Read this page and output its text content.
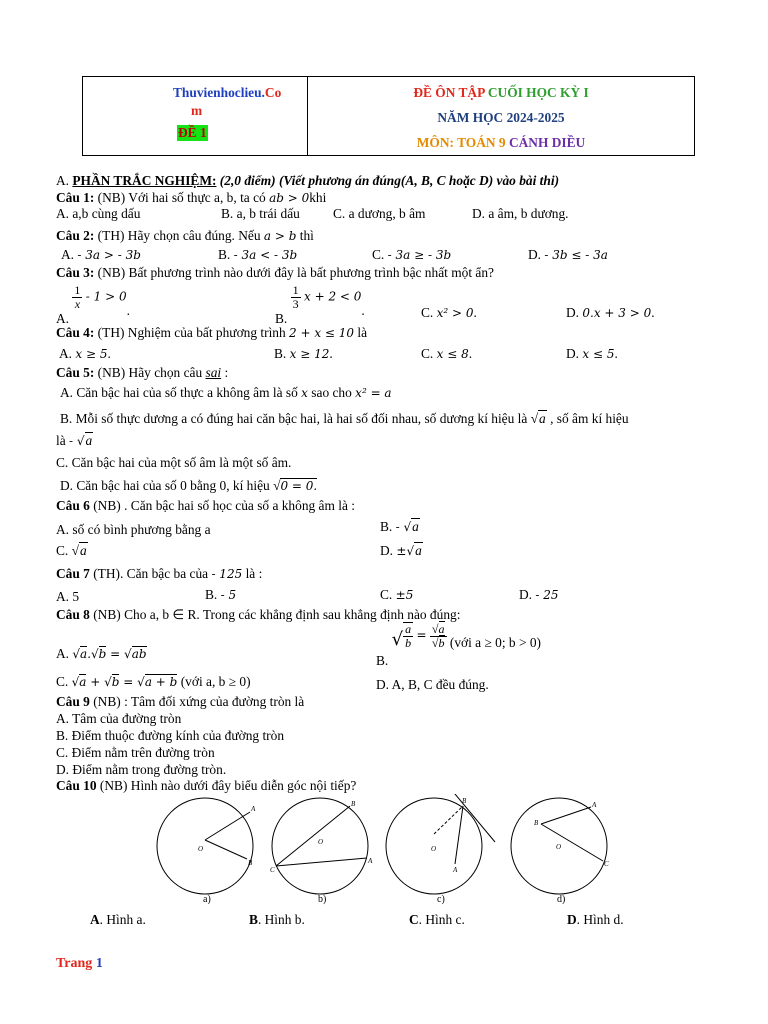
Thuvienhoclieu.Co
m
ĐỀ 1
ĐỀ ÔN TẬP CUỐI HỌC KỲ I
NĂM HỌC 2024-2025
MÔN: TOÁN 9 CÁNH DIỀU
A. PHẦN TRẮC NGHIỆM: (2,0 điểm) (Viết phương án đúng(A, B, C hoặc D) vào bài thi)
Câu 1: (NB) Với hai số thực a, b, ta có ab > 0khi
A. a,b cùng dấu	B. a, b trái dấu C. a dương, b âm	D. a âm, b dương.
Câu 2: (TH) Hãy chọn câu đúng. Nếu a > b thì
A. - 3a > - 3b	B. - 3a < - 3b	C. - 3a ≥ - 3b	D. - 3b ≤ - 3a
Câu 3: (NB) Bất phương trình nào dưới đây là bất phương trình bậc nhất một ẩn?
A.
$\frac{1}{x} - 1 > 0$.
B.
$\frac{1}{3}$ x + 2 < 0.	C. x² > 0.	D. 0.x + 3 > 0.
Câu 4: (TH) Nghiệm của bất phương trình 2 + x ≤ 10 là
A. x ≥ 5.	B. x ≥ 12.	C. x ≤ 8.	D. x ≤ 5.
Câu 5: (NB) Hãy chọn câu sai :
A. Căn bậc hai của số thực a không âm là số x sao cho x² = a
B. Mỗi số thực dương a có đúng hai căn bậc hai, là hai số đối nhau, số dương kí hiệu là √a , số âm kí hiệu
là - √a
C. Căn bậc hai của một số âm là một số âm.
D. Căn bậc hai của số 0 bằng 0, kí hiệu √0 = 0.
Câu 6 (NB) . Căn bậc hai số học của số a không âm là :
A. số có bình phương bằng a	B. - √a
C. √a	D. ±√a
Câu 7 (TH). Căn bậc ba của - 125 là :
A. 5	B. - 5	C. ±5	D. - 25
Câu 8 (NB) Cho a, b ∈ R. Trong các khẳng định sau khẳng định nào đúng:
A. √a.√b = √ab	B. √ $\frac{a}{b} = \frac{√a}{√b}$ (với a ≥ 0; b > 0)
C. √a + √b = √a + b (với a, b ≥ 0)	D. A, B, C đều đúng.
Câu 9 (NB) : Tâm đối xứng của đường tròn là
A. Tâm của đường tròn
B. Điểm thuộc đường kính của đường tròn
C. Điểm nằm trên đường tròn
D. Điểm nằm trong đường tròn.
Câu 10 (NB) Hình nào dưới đây biểu diễn góc nội tiếp?
O
A
B
O
B
C
A
O
B
A
O
B
A
C
a)	b)	c)	d)
A. Hình a.	B. Hình b.	C. Hình c.	D. Hình d.
Trang 1
